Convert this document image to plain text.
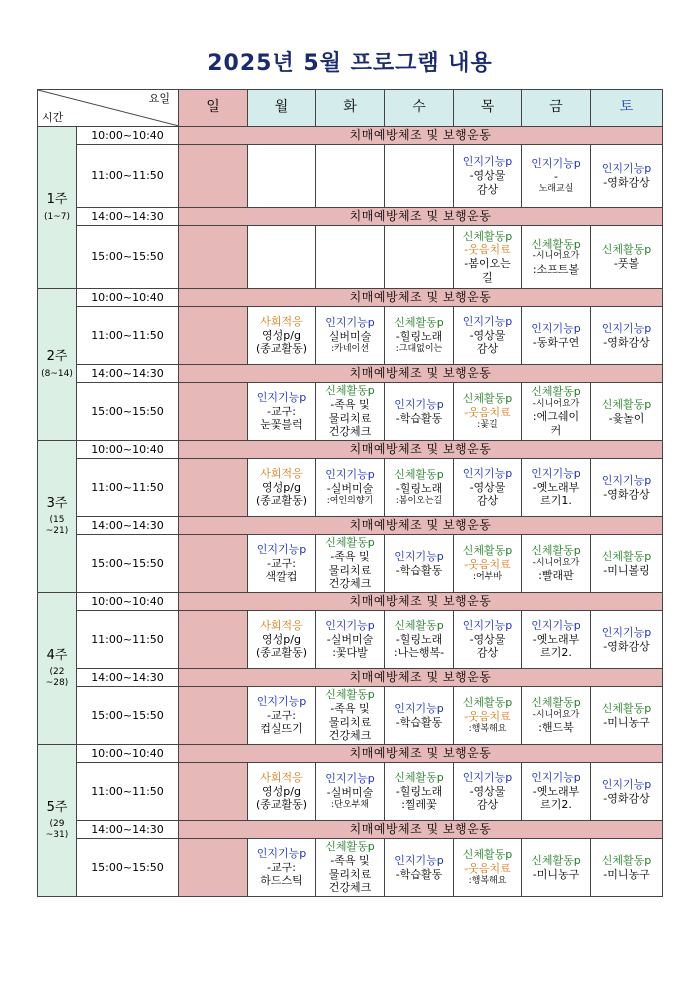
2025년 5월 프로그램 내용
요일
시간		일	월	화	수	목	금	토
1주
(1~7)	10:00~10:40	치매예방체조 및 보행운동						
	11:00~11:50					인지기능p
-영상물
감상	인지기능p
-
노래교실	인지기능p
-영화감상

	14:00~14:30	치매예방체조 및 보행운동						
	15:00~15:50					신체활동p
-웃음치료
-봄이오는
길	신체활동p
-시니어요가
:소프트볼	신체활동p
-풋볼

2주
(8~14)	10:00~10:40	치매예방체조 및 보행운동						
	11:00~11:50		사회적응
영성p/g
(종교활동)	인지기능p
실버미술
:카네이션	신체활동p
-힐링노래
:그대없이는	인지기능p
-영상물
감상	인지기능p
-동화구연	인지기능p
-영화감상

	14:00~14:30	치매예방체조 및 보행운동						
	15:00~15:50		인지기능p
-교구:
눈꽃블럭	신체활동p
-족욕 및
물리치료
건강체크	인지기능p
-학습활동	신체활동p
-웃음치료
:꽃길	신체활동p
-시니어요가
:에그쉐이
커	신체활동p
-윷놀이

3주
(15 ~21)	10:00~10:40	치매예방체조 및 보행운동						
	11:00~11:50		사회적응
영성p/g
(종교활동)	인지기능p
-실버미술
:여인의향기	신체활동p
-힐링노래
:봄이오는길	인지기능p
-영상물
감상	인지기능p
-옛노래부
르기1.	인지기능p
-영화감상

	14:00~14:30	치매예방체조 및 보행운동						
	15:00~15:50		인지기능p
-교구:
색깔컵	신체활동p
-족욕 및
물리치료
건강체크	인지기능p
-학습활동	신체활동p
-웃음치료
:어부바	신체활동p
-시니어요가
:빨래판	신체활동p
-미니볼링

4주
(22 ~28)	10:00~10:40	치매예방체조 및 보행운동						
	11:00~11:50		사회적응
영성p/g
(종교활동)	인지기능p
-실버미술
:꽃다발	신체활동p
-힐링노래
:나는행복-	인지기능p
-영상물
감상	인지기능p
-옛노래부
르기2.	인지기능p
-영화감상

	14:00~14:30	치매예방체조 및 보행운동						
	15:00~15:50		인지기능p
-교구:
컵실뜨기	신체활동p
-족욕 및
물리치료
건강체크	인지기능p
-학습활동	신체활동p
-웃음치료
:행복해요	신체활동p
-시니어요가
:핸드북	신체활동p
-미니농구

5주
(29 ~31)	10:00~10:40	치매예방체조 및 보행운동						
	11:00~11:50		사회적응
영성p/g
(종교활동)	인지기능p
-실버미술
:단오부채	신체활동p
-힐링노래
:찔레꽃	인지기능p
-영상물
감상	인지기능p
-옛노래부
르기2.	인지기능p
-영화감상

	14:00~14:30	치매예방체조 및 보행운동						
	15:00~15:50		인지기능p
-교구:
하드스틱	신체활동p
-족욕 및
물리치료
건강체크	인지기능p
-학습활동	신체활동p
-웃음치료
:행복해요	신체활동p
-미니농구	신체활동p
-미니농구
